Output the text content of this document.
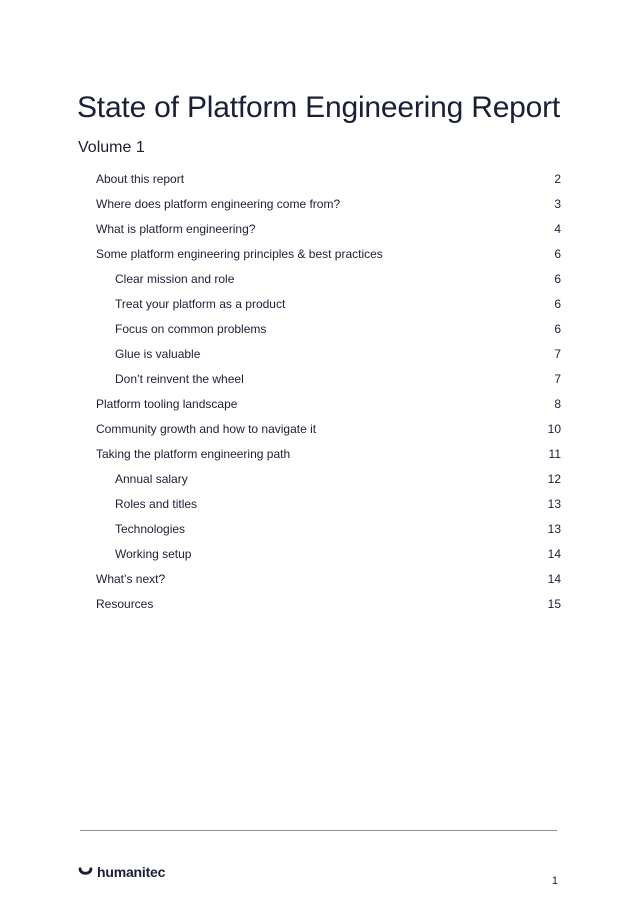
State of Platform Engineering Report
Volume 1
About this report	2
Where does platform engineering come from?	3
What is platform engineering?	4
Some platform engineering principles & best practices	6
Clear mission and role	6
Treat your platform as a product	6
Focus on common problems	6
Glue is valuable	7
Don’t reinvent the wheel	7
Platform tooling landscape	8
Community growth and how to navigate it	10
Taking the platform engineering path	11
Annual salary	12
Roles and titles	13
Technologies	13
Working setup	14
What’s next?	14
Resources	15
humanitec
1
